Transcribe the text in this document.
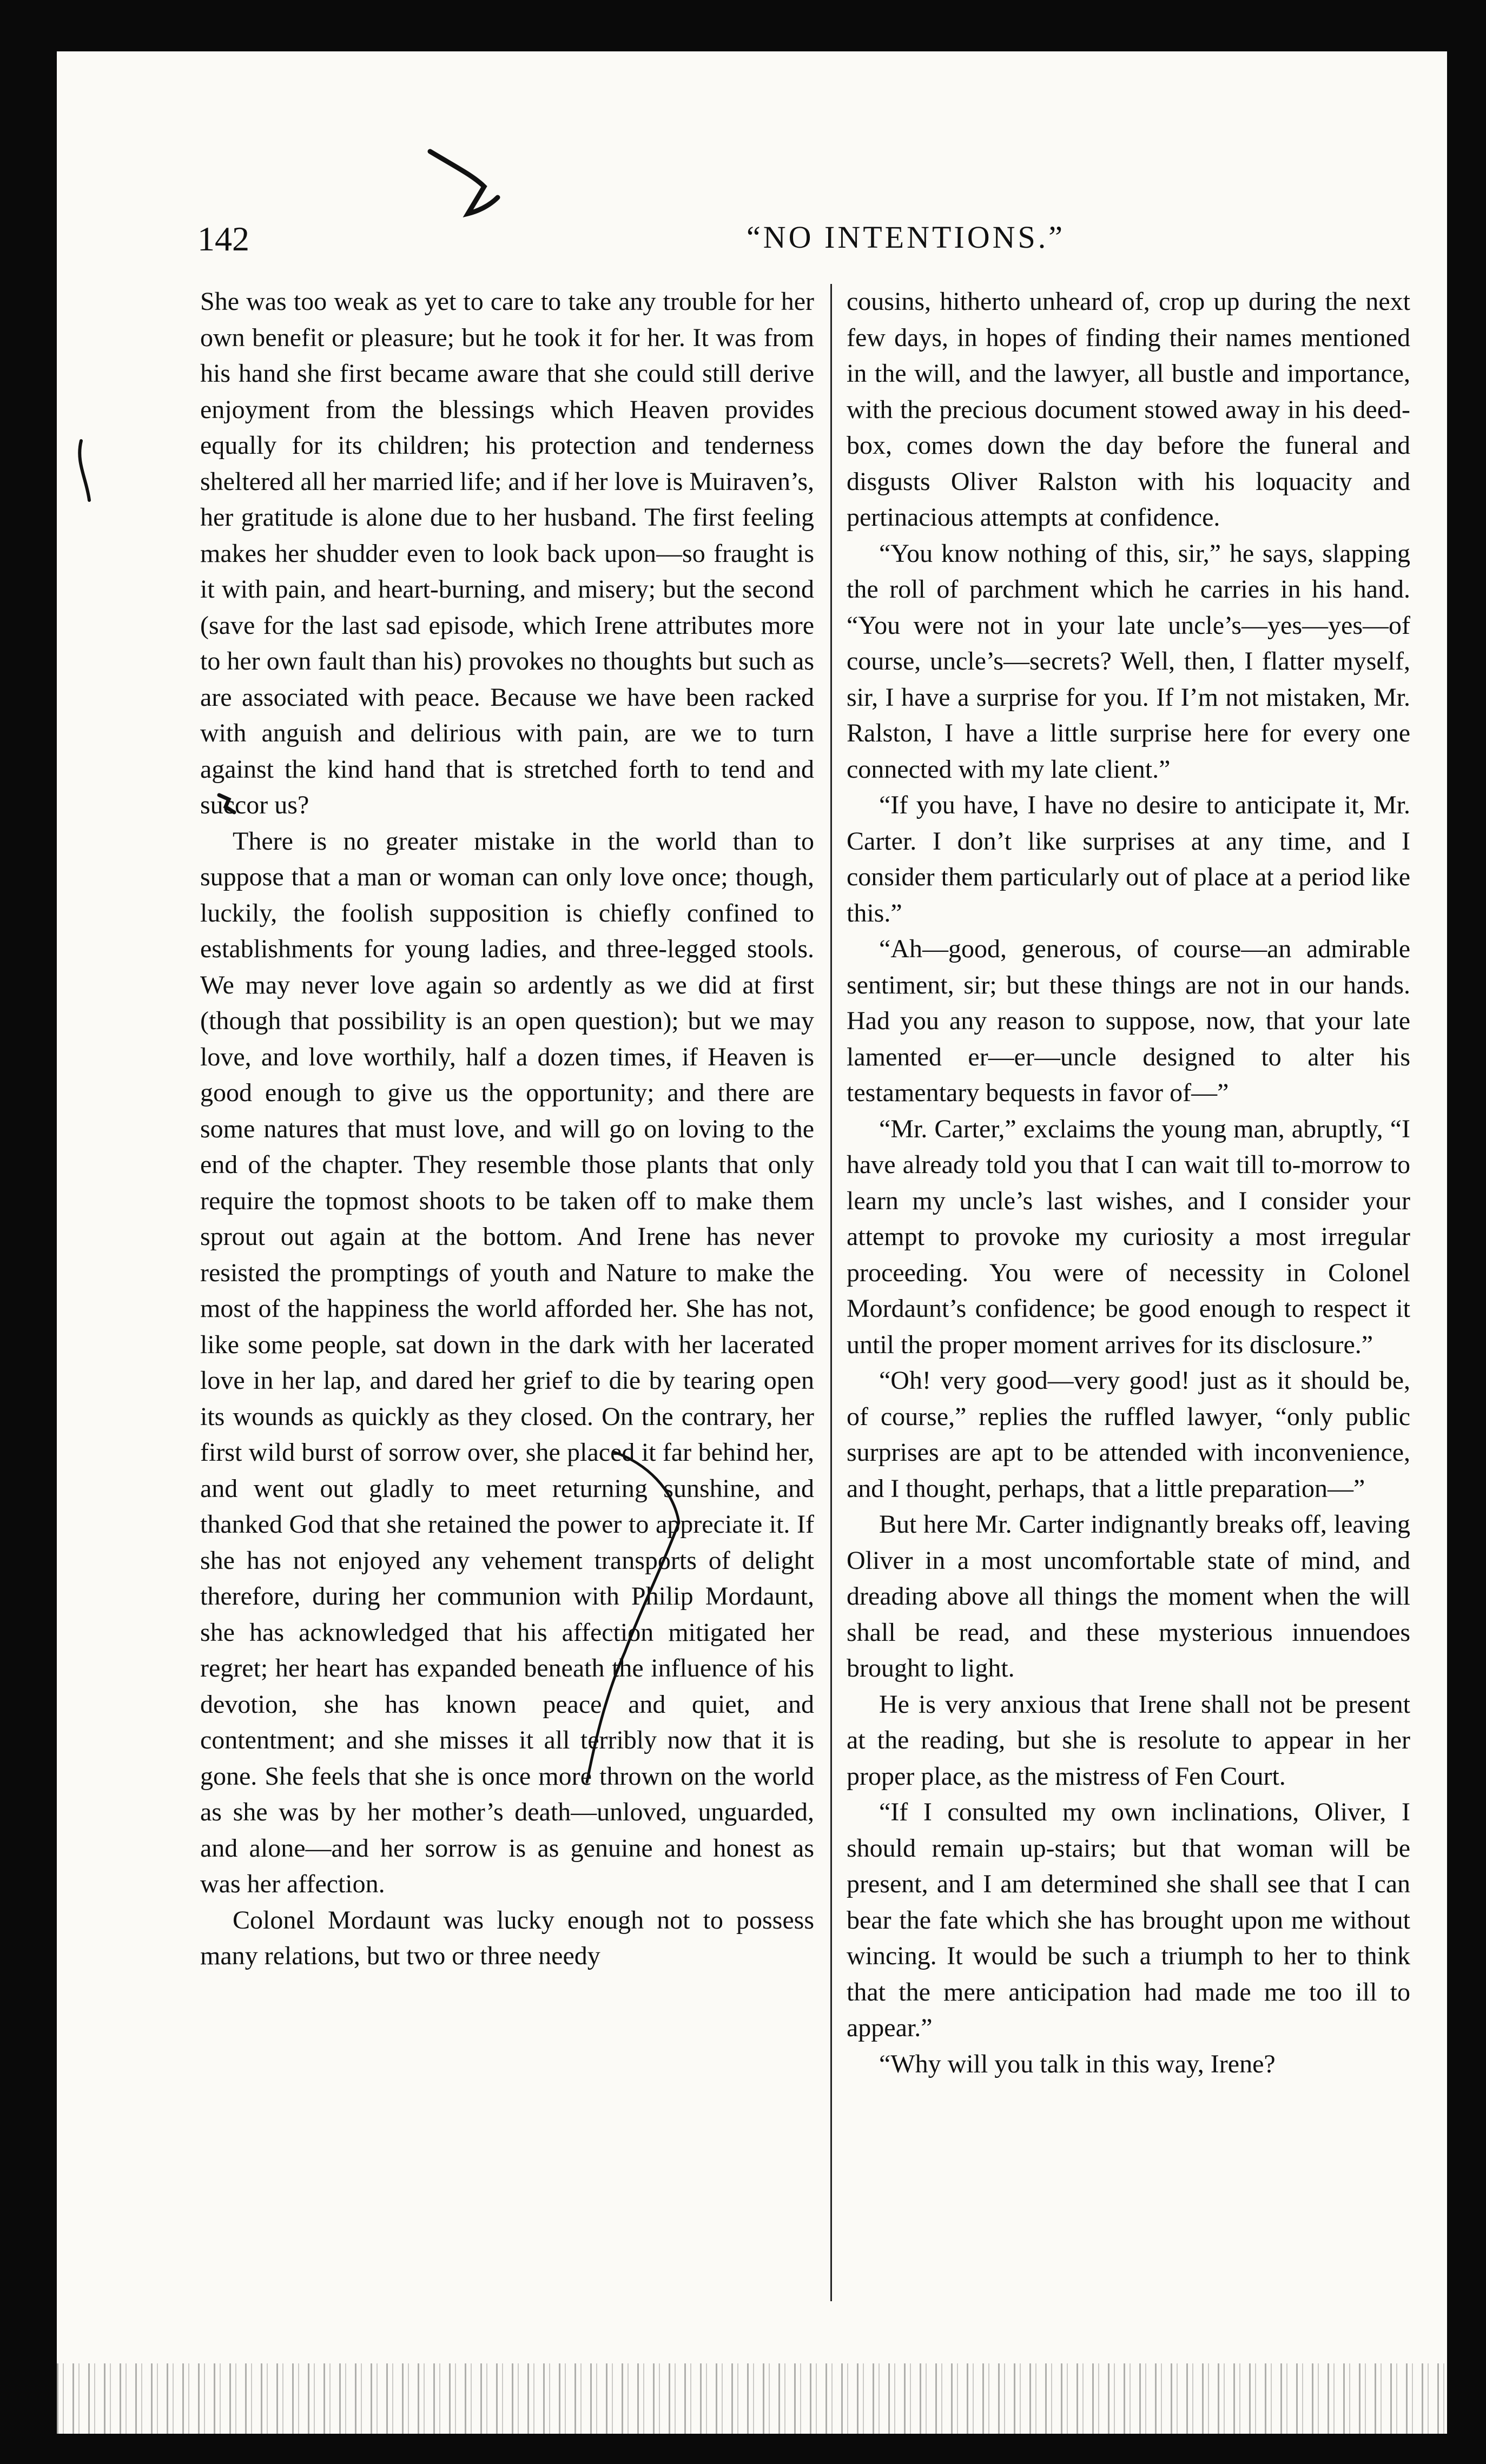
142	“NO INTENTIONS.”

She was too weak as yet to care to take any trouble for her own benefit or pleasure; but he took it for her. It was from his hand she first became aware that she could still derive enjoyment from the blessings which Heaven provides equally for its children; his protection and tenderness sheltered all her married life; and if her love is Muiraven’s, her gratitude is alone due to her husband. The first feeling makes her shudder even to look back upon—so fraught is it with pain, and heart-burning, and misery; but the second (save for the last sad episode, which Irene attributes more to her own fault than his) provokes no thoughts but such as are associated with peace. Because we have been racked with anguish and delirious with pain, are we to turn against the kind hand that is stretched forth to tend and succor us?

There is no greater mistake in the world than to suppose that a man or woman can only love once; though, luckily, the foolish supposition is chiefly confined to establishments for young ladies, and three-legged stools. We may never love again so ardently as we did at first (though that possibility is an open question); but we may love, and love worthily, half a dozen times, if Heaven is good enough to give us the opportunity; and there are some natures that must love, and will go on loving to the end of the chapter. They resemble those plants that only require the topmost shoots to be taken off to make them sprout out again at the bottom. And Irene has never resisted the promptings of youth and Nature to make the most of the happiness the world afforded her. She has not, like some people, sat down in the dark with her lacerated love in her lap, and dared her grief to die by tearing open its wounds as quickly as they closed. On the contrary, her first wild burst of sorrow over, she placed it far behind her, and went out gladly to meet returning sunshine, and thanked God that she retained the power to appreciate it. If she has not enjoyed any vehement transports of delight therefore, during her communion with Philip Mordaunt, she has acknowledged that his affection mitigated her regret; her heart has expanded beneath the influence of his devotion, she has known peace and quiet, and contentment; and she misses it all terribly now that it is gone. She feels that she is once more thrown on the world as she was by her mother’s death—unloved, unguarded, and alone—and her sorrow is as genuine and honest as was her affection.

Colonel Mordaunt was lucky enough not to possess many relations, but two or three needy

cousins, hitherto unheard of, crop up during the next few days, in hopes of finding their names mentioned in the will, and the lawyer, all bustle and importance, with the precious document stowed away in his deed-box, comes down the day before the funeral and disgusts Oliver Ralston with his loquacity and pertinacious attempts at confidence.

“You know nothing of this, sir,” he says, slapping the roll of parchment which he carries in his hand. “You were not in your late uncle’s—yes—yes—of course, uncle’s—secrets? Well, then, I flatter myself, sir, I have a surprise for you. If I’m not mistaken, Mr. Ralston, I have a little surprise here for every one connected with my late client.”

“If you have, I have no desire to anticipate it, Mr. Carter. I don’t like surprises at any time, and I consider them particularly out of place at a period like this.”

“Ah—good, generous, of course—an admirable sentiment, sir; but these things are not in our hands. Had you any reason to suppose, now, that your late lamented er—er—uncle designed to alter his testamentary bequests in favor of—”

“Mr. Carter,” exclaims the young man, abruptly, “I have already told you that I can wait till to-morrow to learn my uncle’s last wishes, and I consider your attempt to provoke my curiosity a most irregular proceeding. You were of necessity in Colonel Mordaunt’s confidence; be good enough to respect it until the proper moment arrives for its disclosure.”

“Oh! very good—very good! just as it should be, of course,” replies the ruffled lawyer, “only public surprises are apt to be attended with inconvenience, and I thought, perhaps, that a little preparation—”

But here Mr. Carter indignantly breaks off, leaving Oliver in a most uncomfortable state of mind, and dreading above all things the moment when the will shall be read, and these mysterious innuendoes brought to light.

He is very anxious that Irene shall not be present at the reading, but she is resolute to appear in her proper place, as the mistress of Fen Court.

“If I consulted my own inclinations, Oliver, I should remain up-stairs; but that woman will be present, and I am determined she shall see that I can bear the fate which she has brought upon me without wincing. It would be such a triumph to her to think that the mere anticipation had made me too ill to appear.”

“Why will you talk in this way, Irene?
